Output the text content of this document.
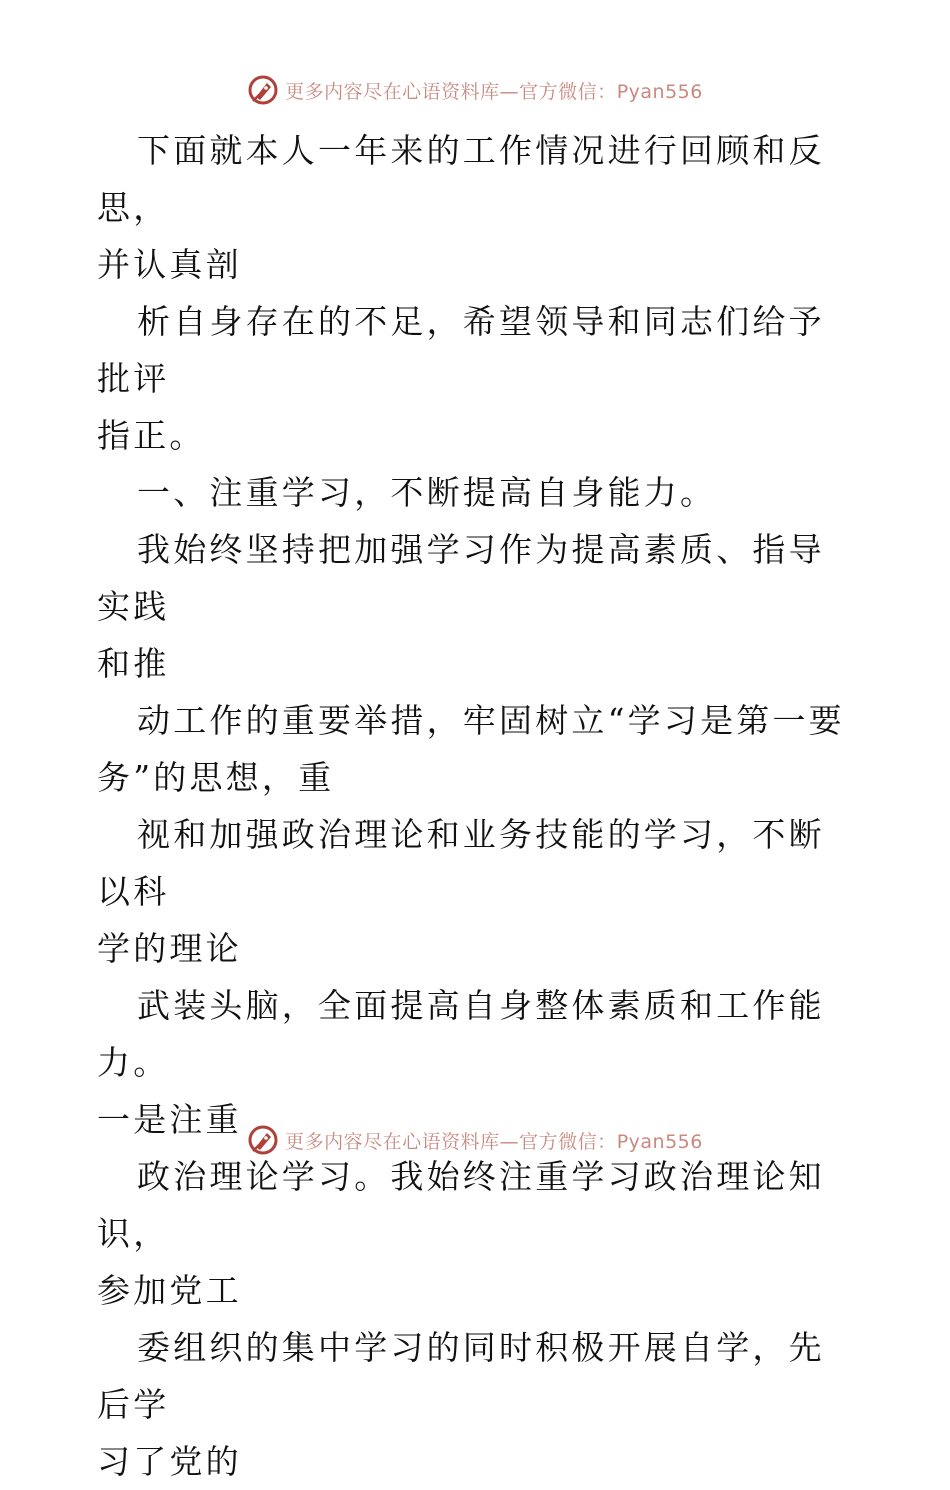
更多内容尽在心语资料库—官方微信：Pyan556

下面就本人一年来的工作情况进行回顾和反思，
并认真剖

析自身存在的不足，希望领导和同志们给予批评
指正。

一、注重学习，不断提高自身能力。

我始终坚持把加强学习作为提高素质、指导实践
和推

动工作的重要举措，牢固树立“学习是第一要
务”的思想，重

视和加强政治理论和业务技能的学习，不断以科
学的理论

武装头脑，全面提高自身整体素质和工作能力。
一是注重

政治理论学习。我始终注重学习政治理论知识，
参加党工

委组织的集中学习的同时积极开展自学，先后学
习了党的

更多内容尽在心语资料库—官方微信：Pyan556
